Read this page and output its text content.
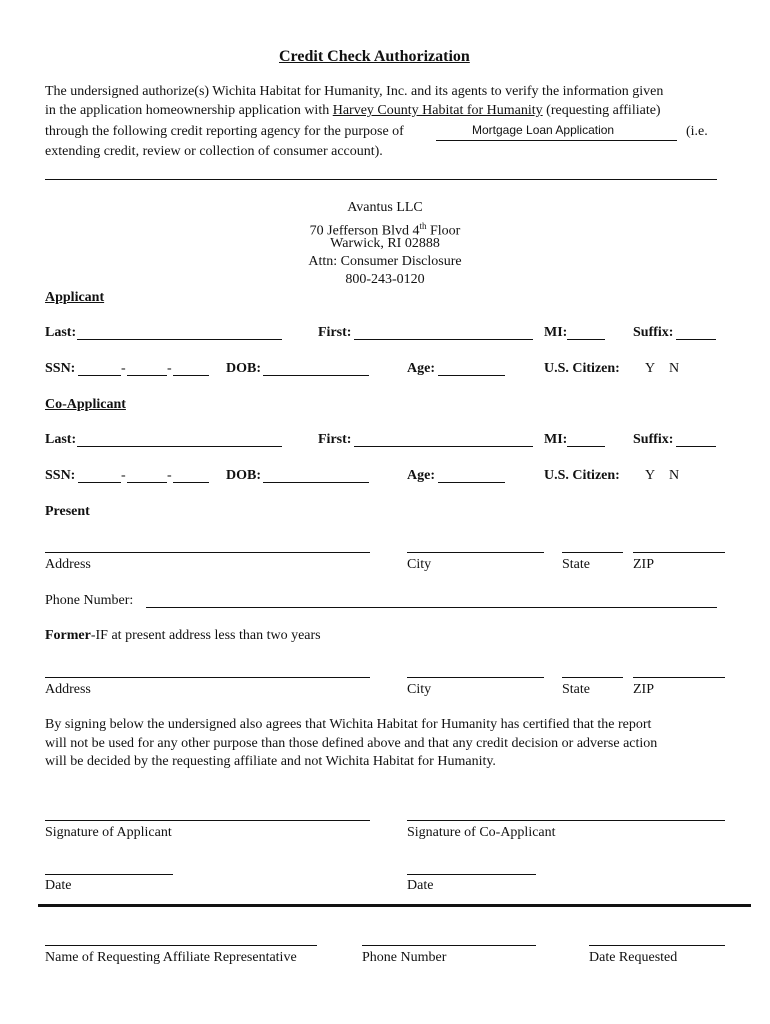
Credit Check Authorization
The undersigned authorize(s) Wichita Habitat for Humanity, Inc. and its agents to verify the information given
in the application homeownership application with Harvey County Habitat for Humanity (requesting affiliate)
through the following credit reporting agency for the purpose of	Mortgage Loan Application	(i.e.
extending credit, review or collection of consumer account).
Avantus LLC
70 Jefferson Blvd 4th Floor
Warwick, RI 02888
Attn: Consumer Disclosure
800-243-0120
Applicant
Last:	First:	MI:	Suffix:
SSN:	-	-	DOB:	Age:	U.S. Citizen: Y N
Co-Applicant
Last:	First:	MI:	Suffix:
SSN:	-	-	DOB:	Age:	U.S. Citizen: Y N
Present
Address	City	State	ZIP
Phone Number:
Former-IF at present address less than two years
Address	City	State	ZIP
By signing below the undersigned also agrees that Wichita Habitat for Humanity has certified that the report
will not be used for any other purpose than those defined above and that any credit decision or adverse action
will be decided by the requesting affiliate and not Wichita Habitat for Humanity.
Signature of Applicant	Signature of Co-Applicant
Date	Date
Name of Requesting Affiliate Representative	Phone Number	Date Requested
